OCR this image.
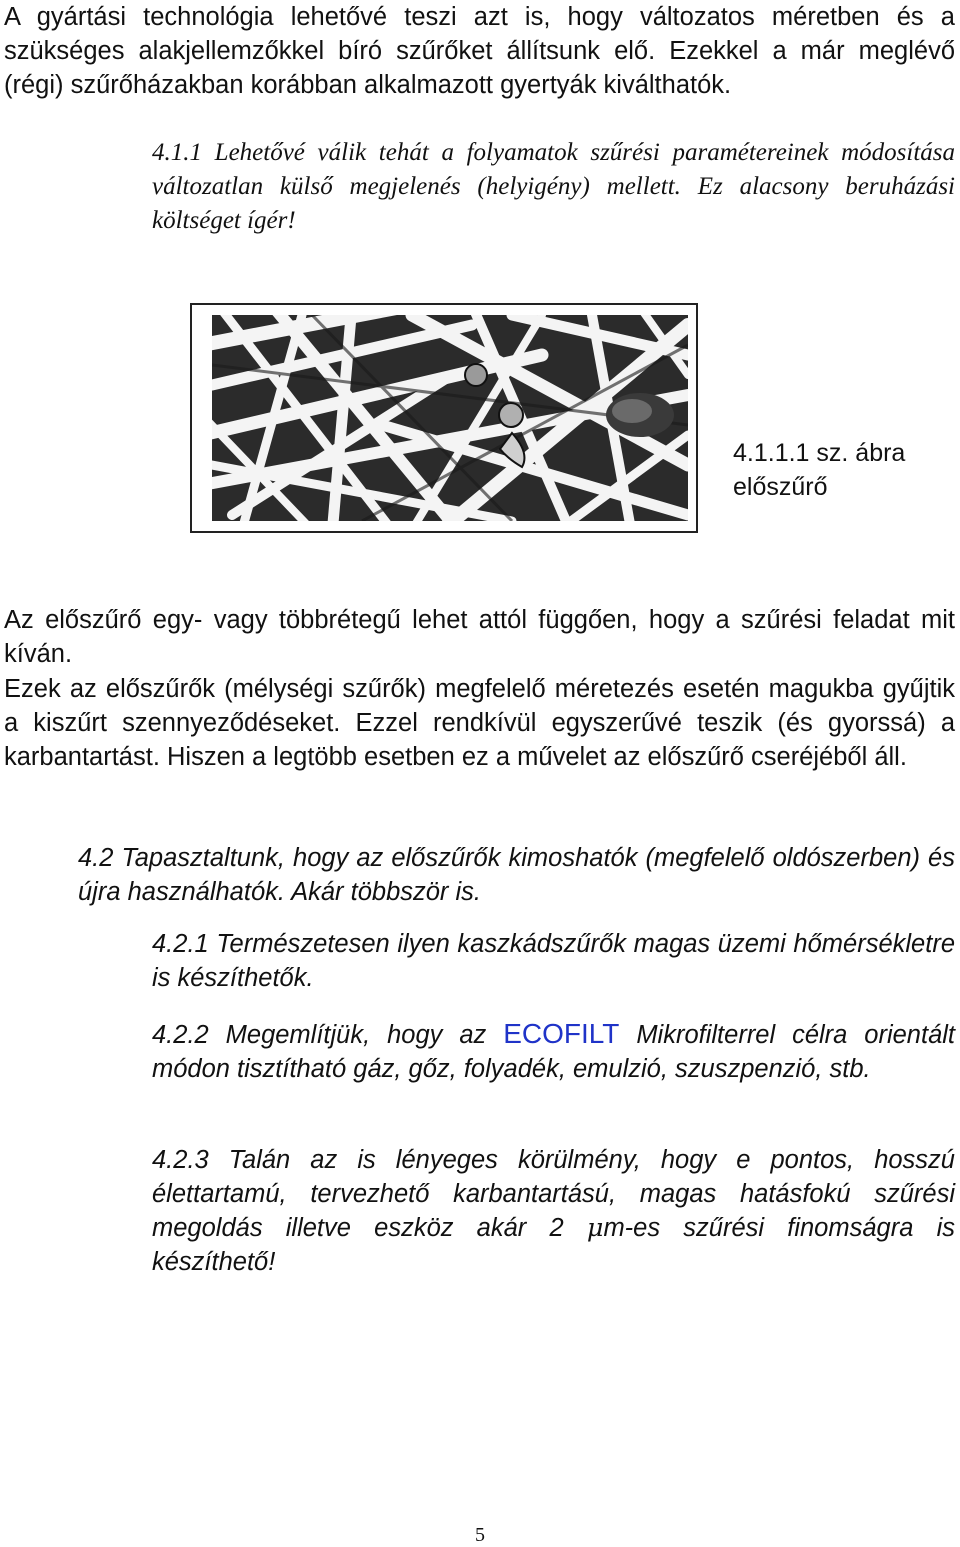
A gyártási technológia lehetővé teszi azt is, hogy változatos méretben és a szükséges alakjellemzőkkel bíró szűrőket állítsunk elő. Ezekkel a már meglévő (régi) szűrőházakban korábban alkalmazott gyertyák kiválthatók.

4.1.1 Lehetővé válik tehát a folyamatok szűrési paramétereinek módosítása változatlan külső megjelenés (helyigény) mellett. Ez alacsony beruházási költséget ígér!

4.1.1.1 sz. ábra
előszűrő

Az előszűrő egy- vagy többrétegű lehet attól függően, hogy a szűrési feladat mit kíván.

Ezek az előszűrők (mélységi szűrők) megfelelő méretezés esetén magukba gyűjtik a kiszűrt szennyeződéseket. Ezzel rendkívül egyszerűvé teszik (és gyorssá) a karbantartást. Hiszen a legtöbb esetben ez a művelet az előszűrő cseréjéből áll.

4.2 Tapasztaltunk, hogy az előszűrők kimoshatók (megfelelő oldószerben) és újra használhatók. Akár többször is.

4.2.1 Természetesen ilyen kaszkádszűrők magas üzemi hőmérsékletre is készíthetők.

4.2.2 Megemlítjük, hogy az ECOFILT Mikrofilterrel célra orientált módon tisztítható gáz, gőz, folyadék, emulzió, szuszpenzió, stb.

4.2.3 Talán az is lényeges körülmény, hogy e pontos, hosszú élettartamú, tervezhető karbantartású, magas hatásfokú szűrési megoldás illetve eszköz akár 2 μm-es szűrési finomságra is készíthető!

5
